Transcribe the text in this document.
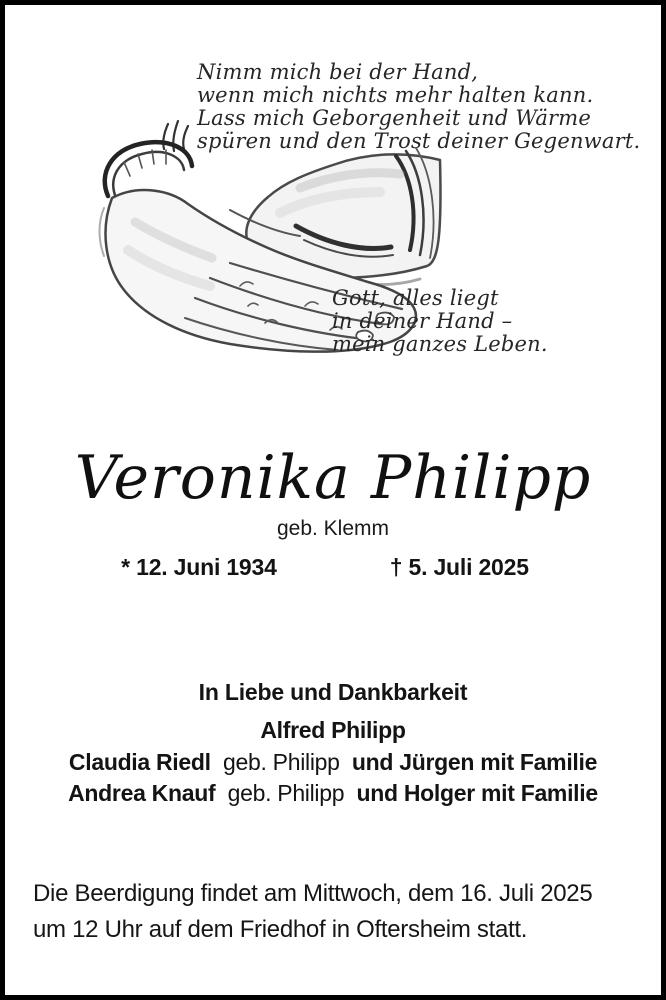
Nimm mich bei der Hand,
wenn mich nichts mehr halten kann.
Lass mich Geborgenheit und Wärme
spüren und den Trost deiner Gegenwart.
Gott, alles liegt
in deiner Hand –
mein ganzes Leben.
Veronika Philipp
geb. Klemm
* 12. Juni 1934	† 5. Juli 2025
In Liebe und Dankbarkeit
Alfred Philipp
Claudia Riedl geb. Philipp und Jürgen mit Familie
Andrea Knauf geb. Philipp und Holger mit Familie
Die Beerdigung findet am Mittwoch, dem 16. Juli 2025
um 12 Uhr auf dem Friedhof in Oftersheim statt.
